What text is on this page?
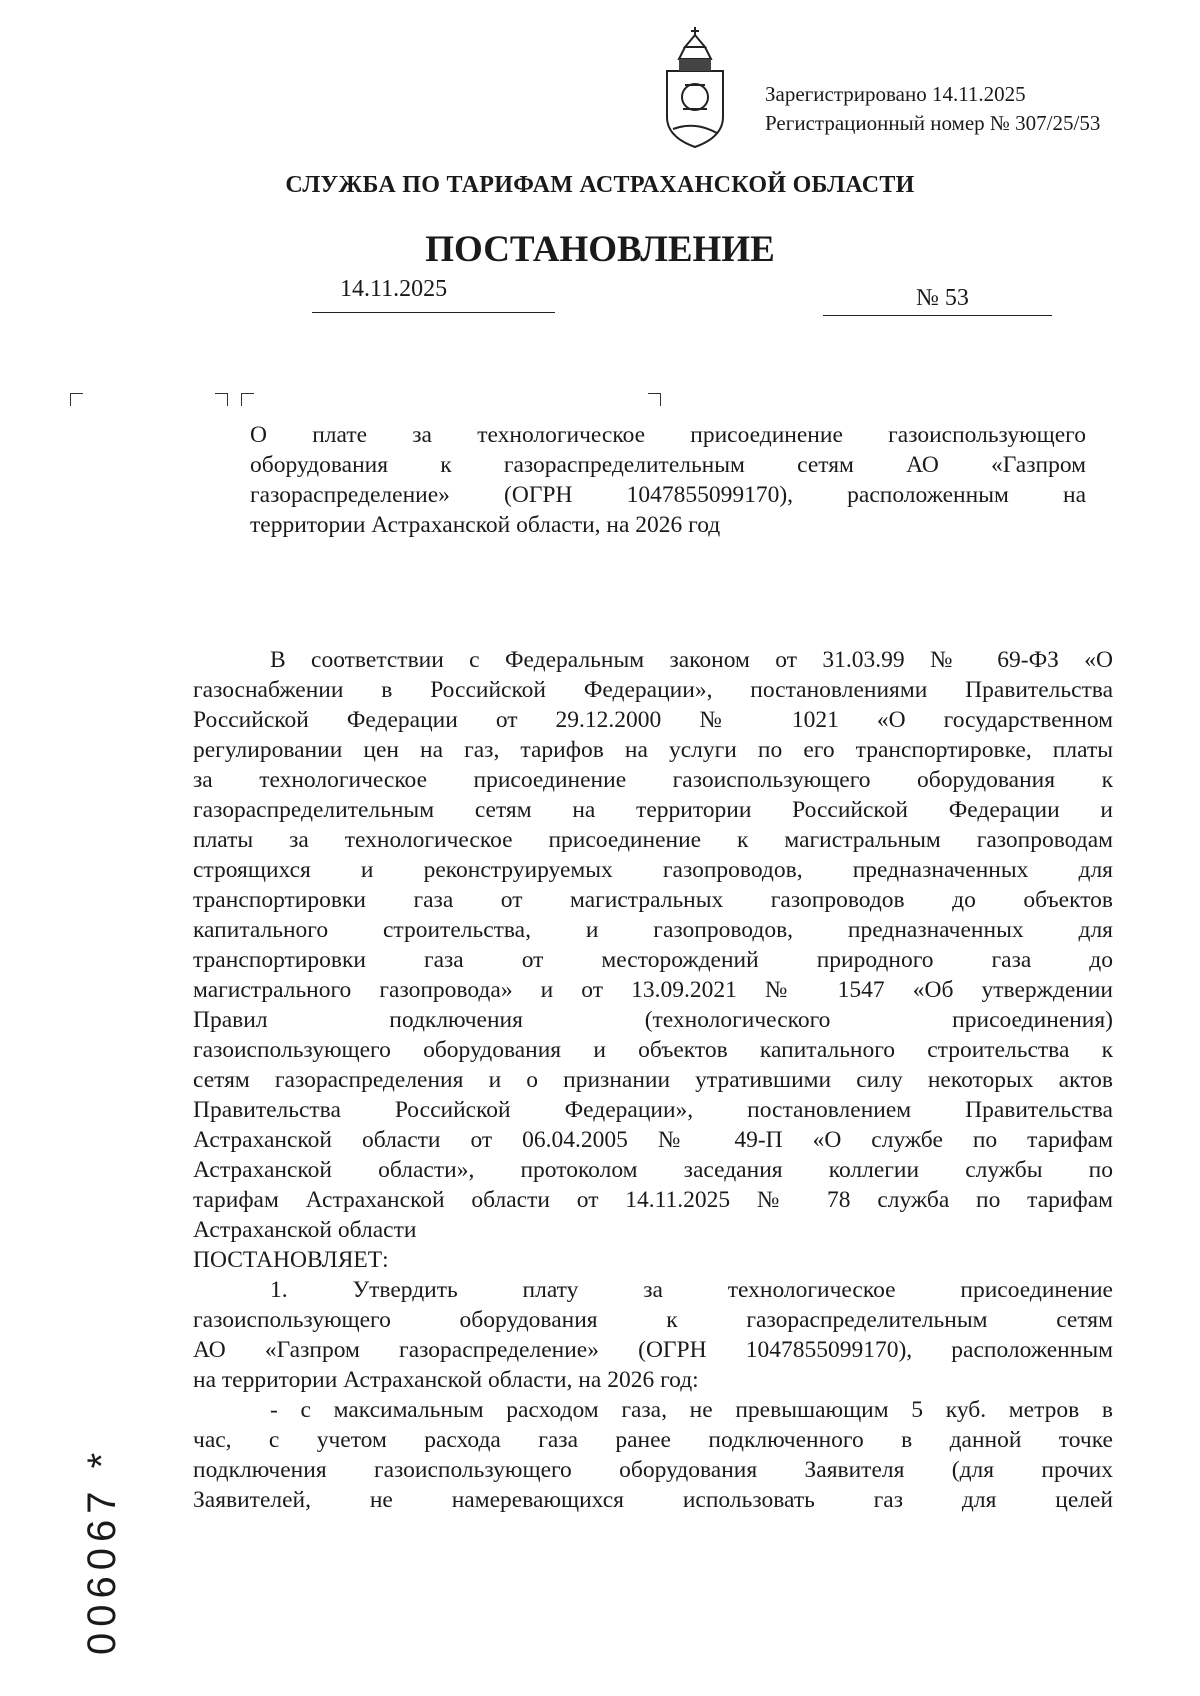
Зарегистрировано 14.11.2025
Регистрационный номер № 307/25/53
СЛУЖБА ПО ТАРИФАМ АСТРАХАНСКОЙ ОБЛАСТИ
ПОСТАНОВЛЕНИЕ
14.11.2025	№ 53
О плате за технологическое присоединение газоиспользующего
оборудования к газораспределительным сетям АО «Газпром
газораспределение» (ОГРН 1047855099170), расположенным на
территории Астраханской области, на 2026 год
В соответствии с Федеральным законом от 31.03.99 № 69-ФЗ «О
газоснабжении в Российской Федерации», постановлениями Правительства
Российской Федерации от 29.12.2000 № 1021 «О государственном
регулировании цен на газ, тарифов на услуги по его транспортировке, платы
за технологическое присоединение газоиспользующего оборудования к
газораспределительным сетям на территории Российской Федерации и
платы за технологическое присоединение к магистральным газопроводам
строящихся и реконструируемых газопроводов, предназначенных для
транспортировки газа от магистральных газопроводов до объектов
капитального строительства, и газопроводов, предназначенных для
транспортировки газа от месторождений природного газа до
магистрального газопровода» и от 13.09.2021 № 1547 «Об утверждении
Правил подключения (технологического присоединения)
газоиспользующего оборудования и объектов капитального строительства к
сетям газораспределения и о признании утратившими силу некоторых актов
Правительства Российской Федерации», постановлением Правительства
Астраханской области от 06.04.2005 № 49-П «О службе по тарифам
Астраханской области», протоколом заседания коллегии службы по
тарифам Астраханской области от 14.11.2025 № 78 служба по тарифам
Астраханской области
ПОСТАНОВЛЯЕТ:
1. Утвердить плату за технологическое присоединение
газоиспользующего оборудования к газораспределительным сетям
АО «Газпром газораспределение» (ОГРН 1047855099170), расположенным
на территории Астраханской области, на 2026 год:
- с максимальным расходом газа, не превышающим 5 куб. метров в
час, с учетом расхода газа ранее подключенного в данной точке
подключения газоиспользующего оборудования Заявителя (для прочих
Заявителей, не намеревающихся использовать газ для целей
006067 *
